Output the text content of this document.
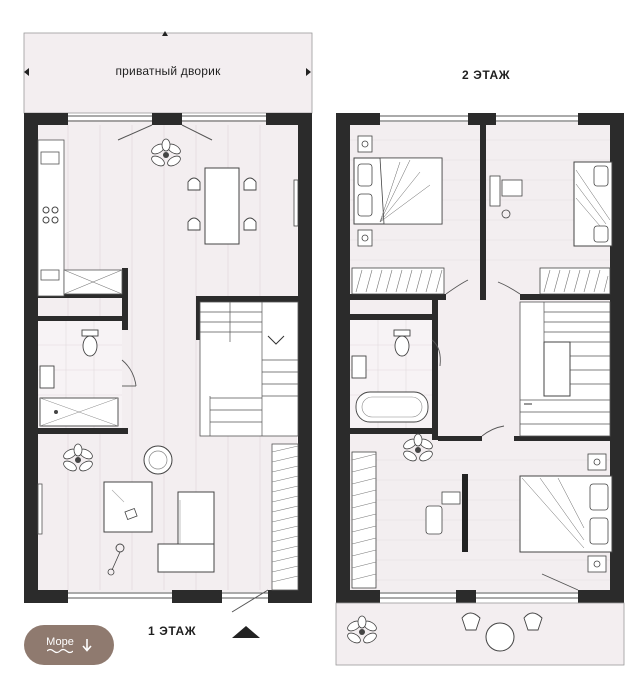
приватный дворик	2 ЭТАЖ
1 ЭТАЖ
Море
